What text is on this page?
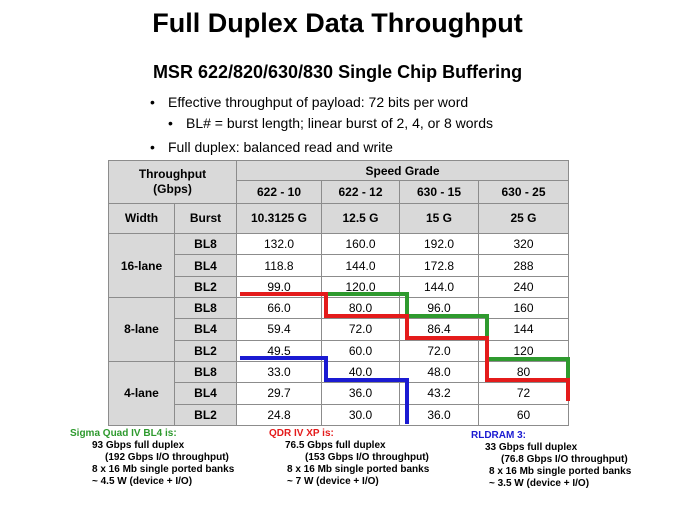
Full Duplex Data Throughput
MSR 622/820/630/830 Single Chip Buffering
• Effective throughput of payload: 72 bits per word
• BL# = burst length; linear burst of 2, 4, or 8 words
• Full duplex: balanced read and write
Throughput
(Gbps)		Speed Grade			
		622 - 10	622 - 12	630 - 15	630 - 25
Width	Burst	10.3125 G	12.5 G	15 G	25 G
16-lane	BL8	132.0	160.0	192.0	320
	BL4	118.8	144.0	172.8	288
	BL2	99.0	120.0	144.0	240
8-lane	BL8	66.0	80.0	96.0	160
	BL4	59.4	72.0	86.4	144
	BL2	49.5	60.0	72.0	120
4-lane	BL8	33.0	40.0	48.0	80
	BL4	29.7	36.0	43.2	72
	BL2	24.8	30.0	36.0	60
Sigma Quad IV BL4 is:
93 Gbps full duplex
(192 Gbps I/O throughput)
8 x 16 Mb single ported banks
~ 4.5 W (device + I/O)
QDR IV XP is:
76.5 Gbps full duplex
(153 Gbps I/O throughput)
8 x 16 Mb single ported banks
~ 7 W (device + I/O)
RLDRAM 3:
33 Gbps full duplex
(76.8 Gbps I/O throughput)
8 x 16 Mb single ported banks
~ 3.5 W (device + I/O)
